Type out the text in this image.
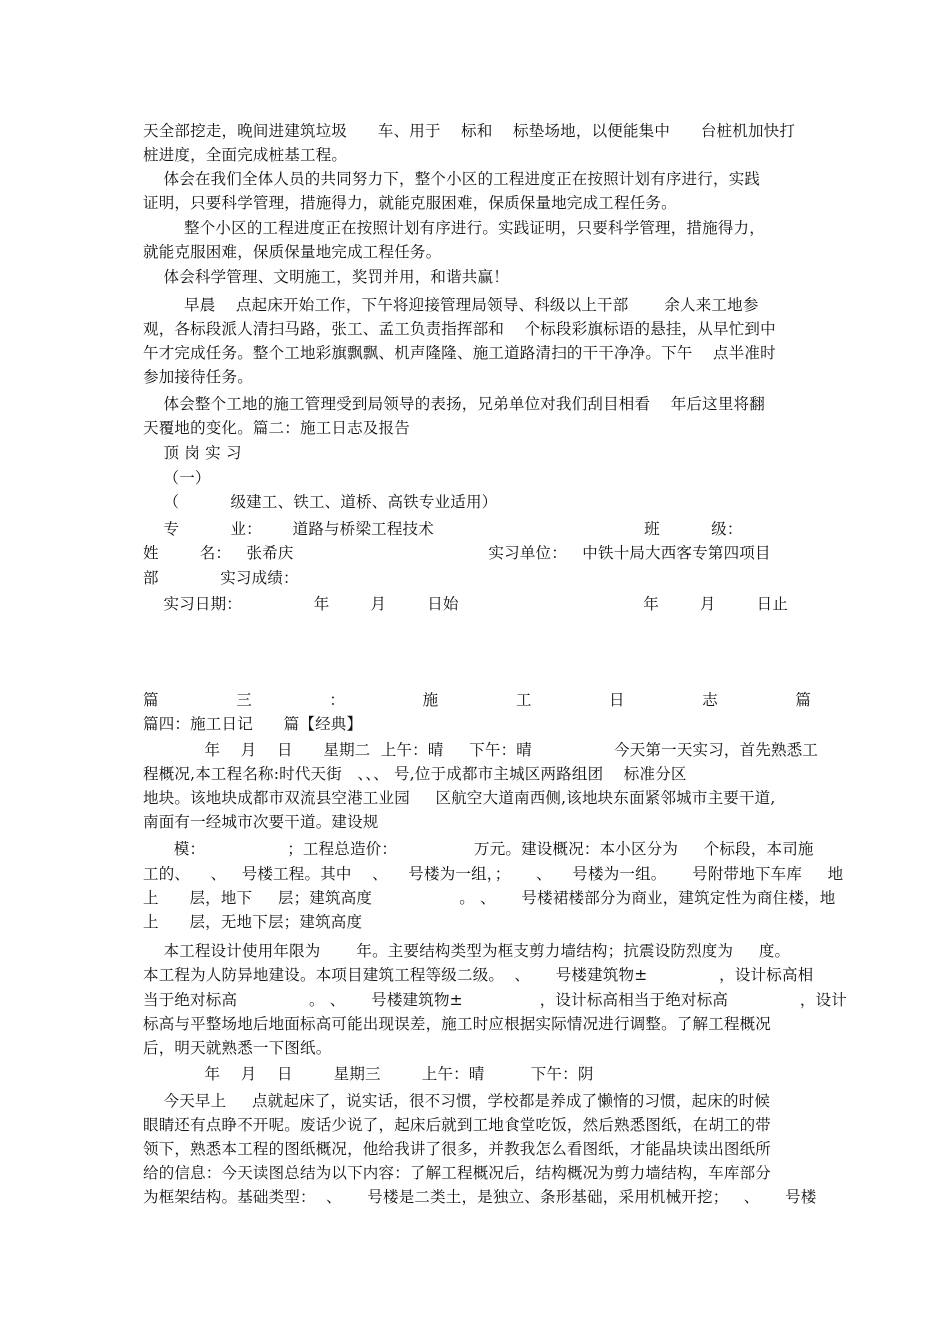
天全部挖走，晚间进建筑垃圾      车、用于    标和    标垫场地，以便能集中      台桩机加快打
桩进度，全面完成桩基工程。
体会在我们全体人员的共同努力下，整个小区的工程进度正在按照计划有序进行，实践
证明，只要科学管理，措施得力，就能克服困难，保质保量地完成工程任务。
整个小区的工程进度正在按照计划有序进行。实践证明，只要科学管理，措施得力，
就能克服困难，保质保量地完成工程任务。
体会科学管理、文明施工，奖罚并用，和谐共赢！
早晨    点起床开始工作，下午将迎接管理局领导、科级以上干部       余人来工地参
观，各标段派人清扫马路，张工、孟工负责指挥部和    个标段彩旗标语的悬挂，从早忙到中
午才完成任务。整个工地彩旗飘飘、机声隆隆、施工道路清扫的干干净净。下午    点半准时
参加接待任务。
体会整个工地的施工管理受到局领导的表扬，兄弟单位对我们刮目相看    年后这里将翻
天覆地的变化。篇二：施工日志及报告
顶 岗 实 习
（一）
（          级建工、铁工、道桥、高铁专业适用）
专          业：      道路与桥梁工程技术                                         班          级：
姓        名：   张希庆                                      实习单位：   中铁十局大西客专第四项目
部            实习成绩：
实习日期：              年        月        日始                                    年        月        日止
篇	三	：	施	工	日	志	篇
篇四：施工日记      篇【经典】
年    月    日      星期二  上午：晴     下午：晴                今天第一天实习，首先熟悉工
程概况,本工程名称:时代天街   、、、 号,位于成都市主城区两路组团    标准分区
地块。该地块成都市双流县空港工业园     区航空大道南西侧,该地块东面紧邻城市主要干道,
南面有一经城市次要干道。建设规
模：                ；工程总造价：               万元。建设概况：本小区分为     个标段，本司施
工的、    、   号楼工程。其中    、    号楼为一组，；     、    号楼为一组。     号附带地下车库     地
上      层，地下     层；建筑高度                 。 、     号楼裙楼部分为商业，建筑定性为商住楼，地
上      层，无地下层；建筑高度
本工程设计使用年限为       年。主要结构类型为框支剪力墙结构；抗震设防烈度为     度。
本工程为人防异地建设。本项目建筑工程等级二级。  、     号楼建筑物±              ，设计标高相
当于绝对标高              。 、     号楼建筑物±               ，设计标高相当于绝对标高              ，设计
标高与平整场地后地面标高可能出现误差，施工时应根据实际情况进行调整。了解工程概况
后，明天就熟悉一下图纸。
年    月    日        星期三        上午：晴         下午：阴
今天早上     点就起床了，说实话，很不习惯，学校都是养成了懒惰的习惯，起床的时候
眼睛还有点睁不开呢。废话少说了，起床后就到工地食堂吃饭，然后熟悉图纸，在胡工的带
领下，熟悉本工程的图纸概况，他给我讲了很多，并教我怎么看图纸，才能晶块读出图纸所
给的信息：今天读图总结为以下内容：了解工程概况后，结构概况为剪力墙结构，车库部分
为框架结构。基础类型：  、     号楼是二类土，是独立、条形基础，采用机械开挖；   、     号楼
